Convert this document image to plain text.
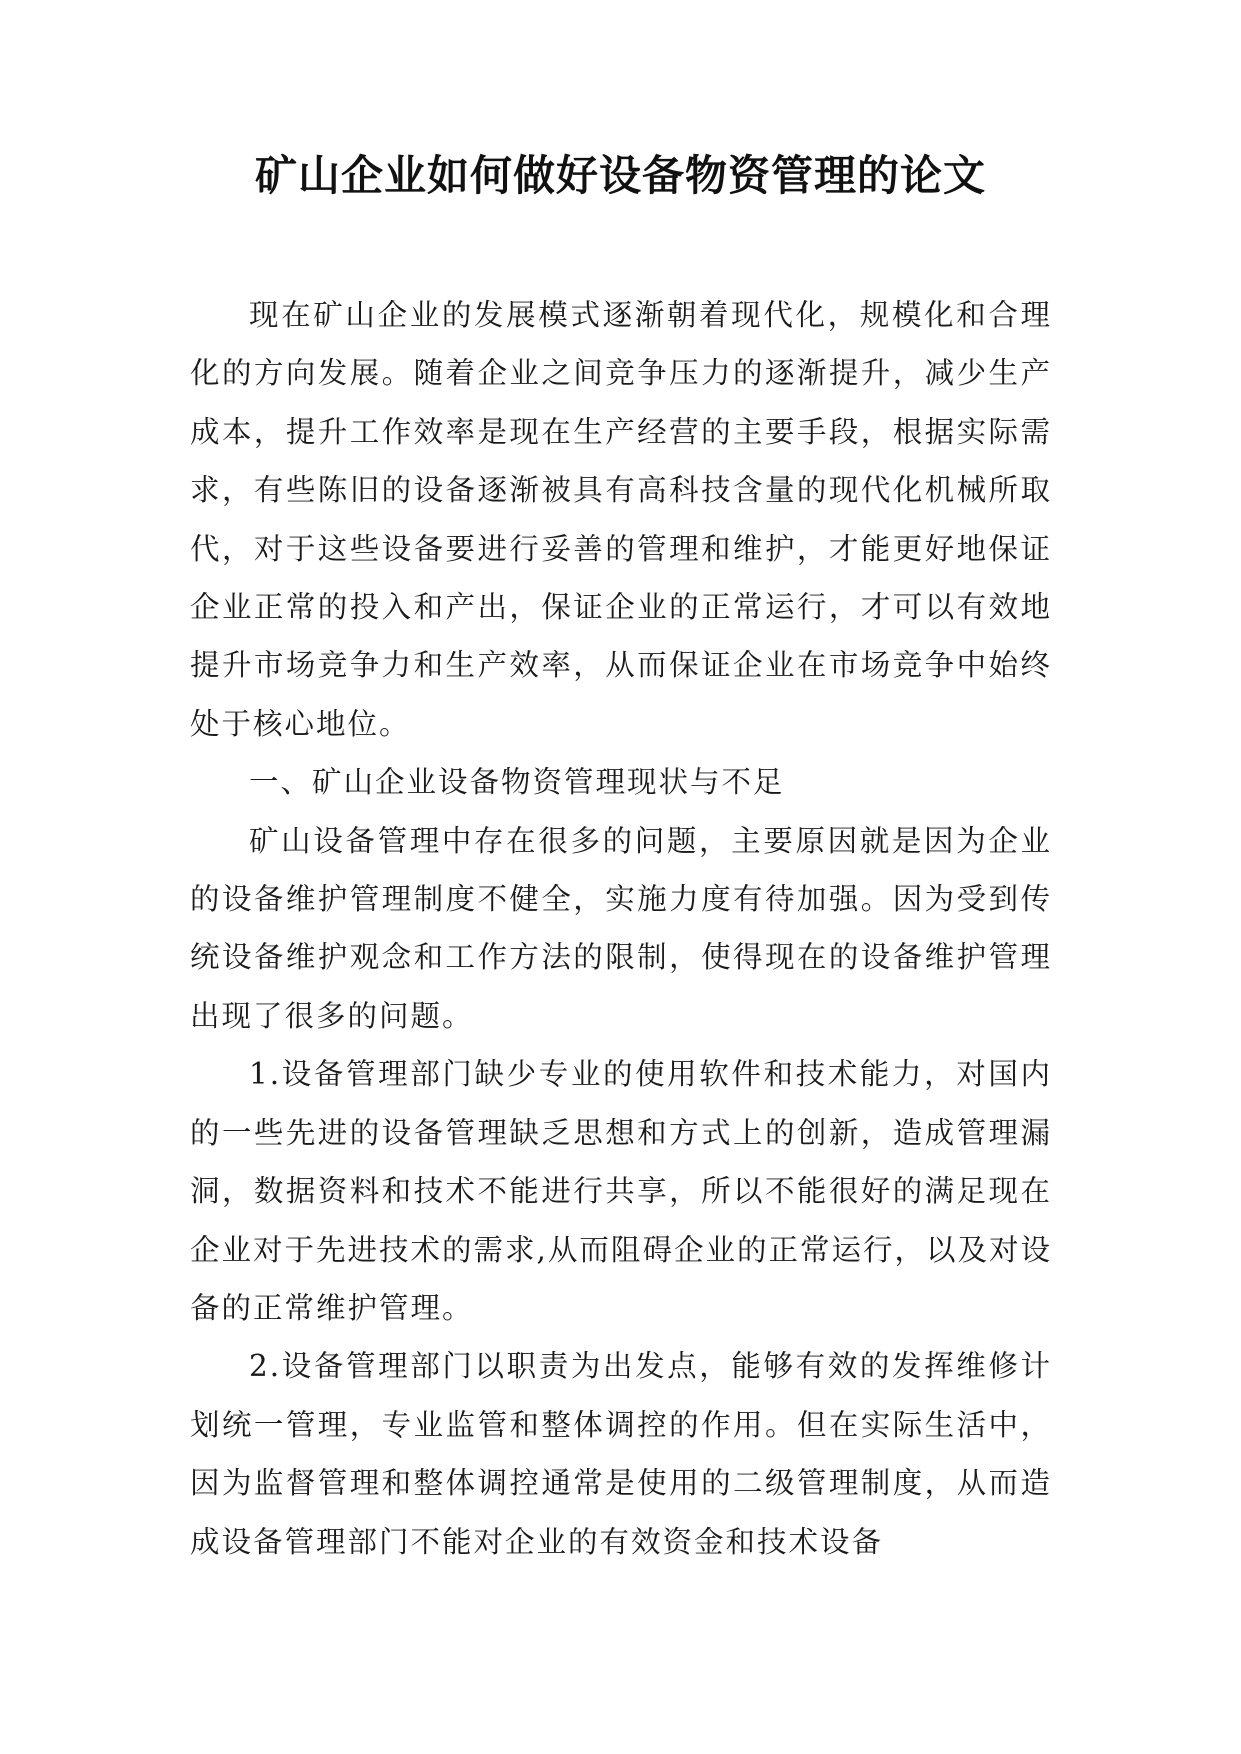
矿山企业如何做好设备物资管理的论文

现在矿山企业的发展模式逐渐朝着现代化，规模化和合理化的方向发展。随着企业之间竞争压力的逐渐提升，减少生产成本，提升工作效率是现在生产经营的主要手段，根据实际需求，有些陈旧的设备逐渐被具有高科技含量的现代化机械所取代，对于这些设备要进行妥善的管理和维护，才能更好地保证企业正常的投入和产出，保证企业的正常运行，才可以有效地提升市场竞争力和生产效率，从而保证企业在市场竞争中始终处于核心地位。

一、矿山企业设备物资管理现状与不足

矿山设备管理中存在很多的问题，主要原因就是因为企业的设备维护管理制度不健全，实施力度有待加强。因为受到传统设备维护观念和工作方法的限制，使得现在的设备维护管理出现了很多的问题。

1.设备管理部门缺少专业的使用软件和技术能力，对国内的一些先进的设备管理缺乏思想和方式上的创新，造成管理漏洞，数据资料和技术不能进行共享，所以不能很好的满足现在企业对于先进技术的需求,从而阻碍企业的正常运行，以及对设备的正常维护管理。

2.设备管理部门以职责为出发点，能够有效的发挥维修计划统一管理，专业监管和整体调控的作用。但在实际生活中，因为监督管理和整体调控通常是使用的二级管理制度，从而造成设备管理部门不能对企业的有效资金和技术设备
